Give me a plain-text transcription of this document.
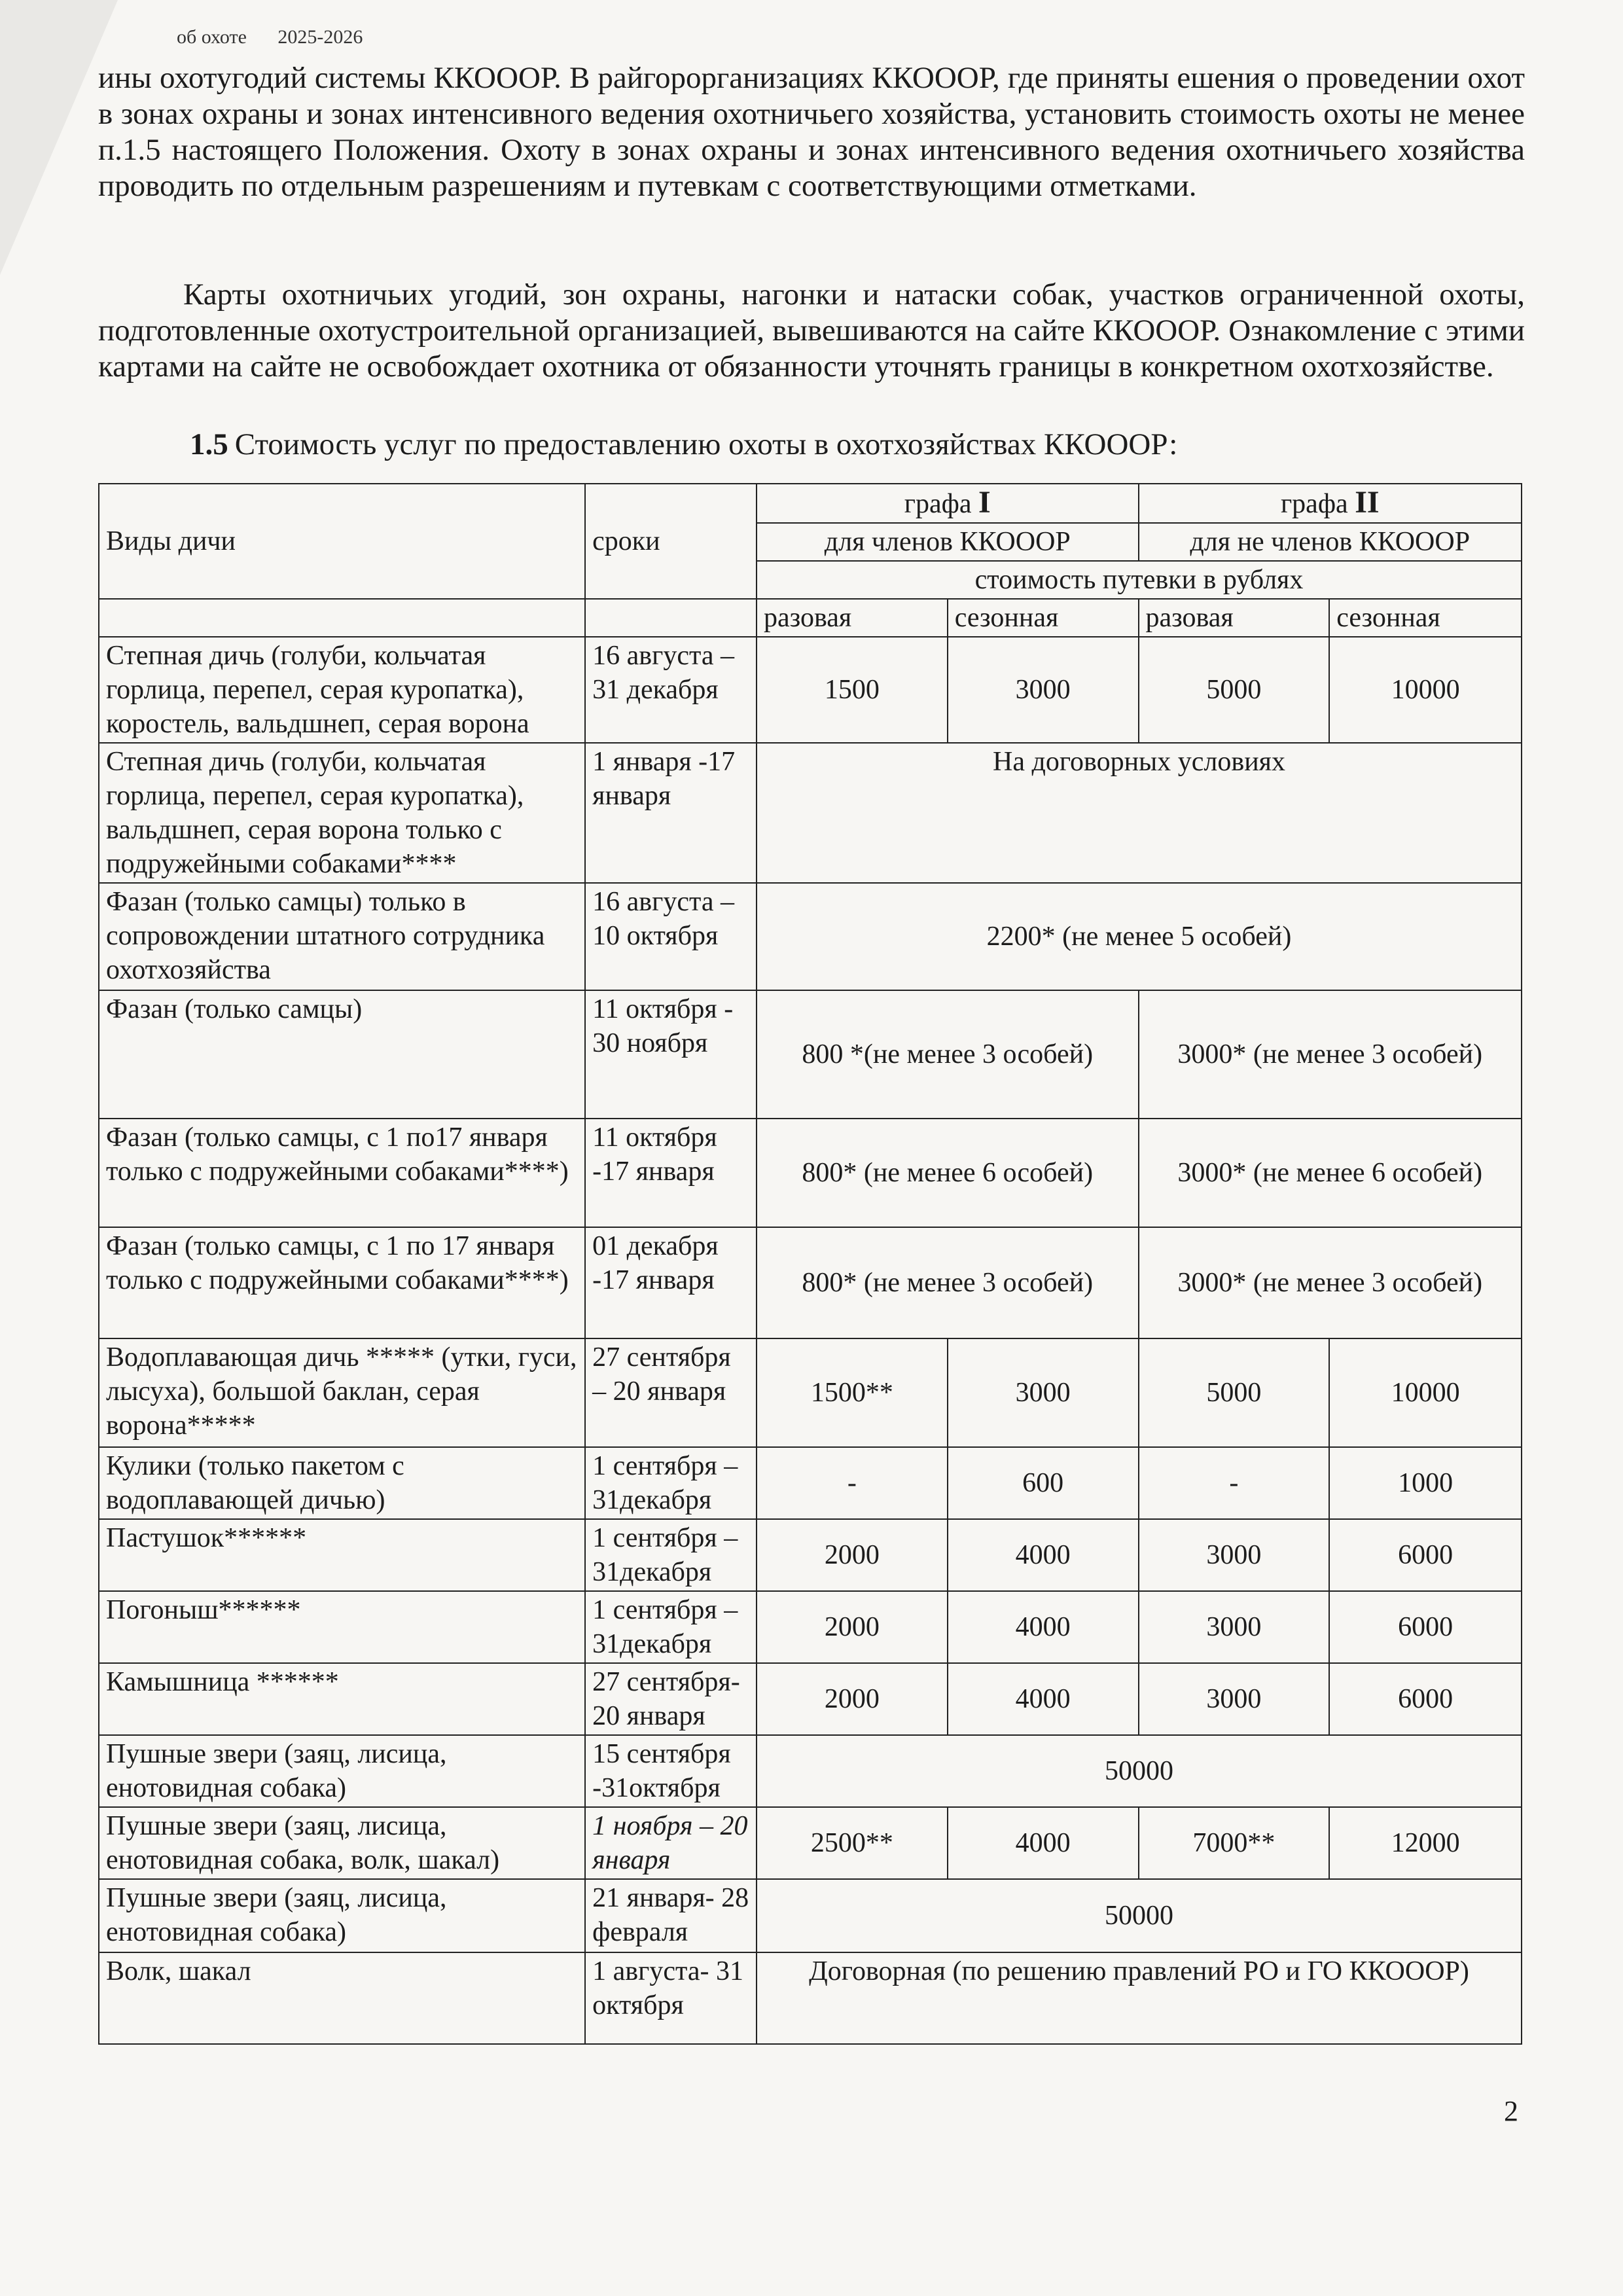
об охоте 2025-2026

ины охотугодий системы ККОООР. В райгорорганизациях ККОООР, где приняты ешения о проведении охот в зонах охраны и зонах интенсивного ведения охотничьего хозяйства, установить стоимость охоты не менее п.1.5 настоящего Положения. Охоту в зонах охраны и зонах интенсивного ведения охотничьего хозяйства проводить по отдельным разрешениям и путевкам с соответствующими отметками.

Карты охотничьих угодий, зон охраны, нагонки и натаски собак, участков ограниченной охоты, подготовленные охотустроительной организацией, вывешиваются на сайте ККОООР. Ознакомление с этими картами на сайте не освобождает охотника от обязанности уточнять границы в конкретном охотхозяйстве.

1.5 Стоимость услуг по предоставлению охоты в охотхозяйствах ККОООР:

Виды дичи	сроки	графа I		графа II	
		для членов ККОООР		для не членов ККОООР	
		стоимость путевки в рублях			
		разовая	сезонная	разовая	сезонная
Степная дичь (голуби, кольчатая горлица, перепел, серая куропатка), коростель, вальдшнеп, серая ворона	16 августа – 31 декабря	1500	3000	5000	10000
Степная дичь (голуби, кольчатая горлица, перепел, серая куропатка), вальдшнеп, серая ворона только с подружейными собаками****	1 января -17 января	На договорных условиях			
Фазан (только самцы) только в сопровождении штатного сотрудника охотхозяйства	16 августа – 10 октября	2200* (не менее 5 особей)			
Фазан (только самцы)	11 октября - 30 ноября	800 *(не менее 3 особей)		3000* (не менее 3 особей)	
Фазан (только самцы, с 1 по17 января только с подружейными собаками****)	11 октября -17 января	800* (не менее 6 особей)		3000* (не менее 6 особей)	
Фазан (только самцы, с 1 по 17 января только с подружейными собаками****)	01 декабря -17 января	800* (не менее 3 особей)		3000* (не менее 3 особей)	
Водоплавающая дичь ***** (утки, гуси, лысуха), большой баклан, серая ворона*****	27 сентября – 20 января	1500**	3000	5000	10000
Кулики (только пакетом с водоплавающей дичью)	1 сентября – 31декабря	-	600	-	1000
Пастушок******	1 сентября – 31декабря	2000	4000	3000	6000
Погоныш******	1 сентября – 31декабря	2000	4000	3000	6000
Камышница ******	27 сентября- 20 января	2000	4000	3000	6000
Пушные звери (заяц, лисица, енотовидная собака)	15 сентября -31октября	50000			
Пушные звери (заяц, лисица, енотовидная собака, волк, шакал)	1 ноября – 20 января	2500**	4000	7000**	12000
Пушные звери (заяц, лисица, енотовидная собака)	21 января- 28 февраля	50000			
Волк, шакал	1 августа- 31 октября	Договорная (по решению правлений РО и ГО ККОООР)			
2
